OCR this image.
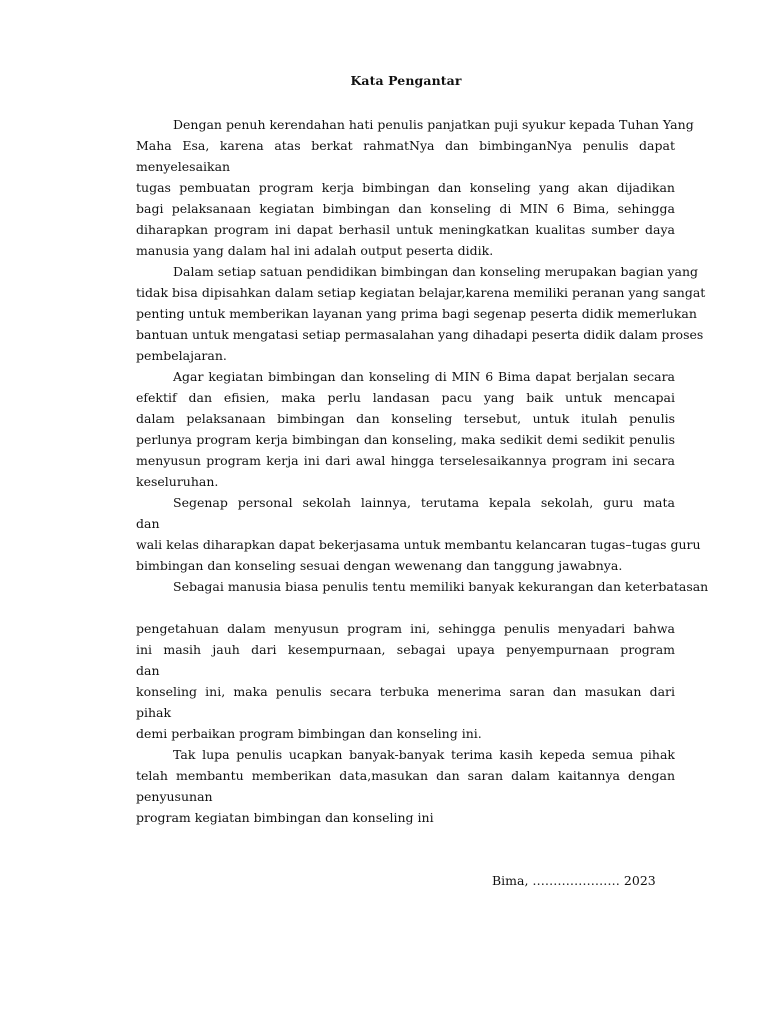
Kata Pengantar
Dengan penuh kerendahan hati penulis panjatkan puji syukur kepada Tuhan Yang
Maha Esa, karena atas berkat rahmatNya dan bimbinganNya penulis dapat
menyelesaikan
tugas pembuatan program kerja bimbingan dan konseling yang akan dijadikan
bagi pelaksanaan kegiatan bimbingan dan konseling di MIN 6 Bima, sehingga
diharapkan program ini dapat berhasil untuk meningkatkan kualitas sumber daya
manusia yang dalam hal ini adalah output peserta didik.
Dalam setiap satuan pendidikan bimbingan dan konseling merupakan bagian yang
tidak bisa dipisahkan dalam setiap kegiatan belajar,karena memiliki peranan yang sangat
penting untuk memberikan layanan yang prima bagi segenap peserta didik memerlukan
bantuan untuk mengatasi setiap permasalahan yang dihadapi peserta didik dalam proses
pembelajaran.
Agar kegiatan bimbingan dan konseling di MIN 6 Bima dapat berjalan secara
efektif dan efisien, maka perlu landasan pacu yang baik untuk mencapai
dalam pelaksanaan bimbingan dan konseling tersebut, untuk itulah penulis
perlunya program kerja bimbingan dan konseling, maka sedikit demi sedikit penulis
menyusun program kerja ini dari awal hingga terselesaikannya program ini secara
keseluruhan.
Segenap personal sekolah lainnya, terutama kepala sekolah, guru mata
dan
wali kelas diharapkan dapat bekerjasama untuk membantu kelancaran tugas–tugas guru
bimbingan dan konseling sesuai dengan wewenang dan tanggung jawabnya.
Sebagai manusia biasa penulis tentu memiliki banyak kekurangan dan keterbatasan
pengetahuan dalam menyusun program ini, sehingga penulis menyadari bahwa
ini masih jauh dari kesempurnaan, sebagai upaya penyempurnaan program
dan
konseling ini, maka penulis secara terbuka menerima saran dan masukan dari
pihak
demi perbaikan program bimbingan dan konseling ini.
Tak lupa penulis ucapkan banyak-banyak terima kasih kepeda semua pihak
telah membantu memberikan data,masukan dan saran dalam kaitannya dengan
penyusunan
program kegiatan bimbingan dan konseling ini
Bima, ………………… 2023
